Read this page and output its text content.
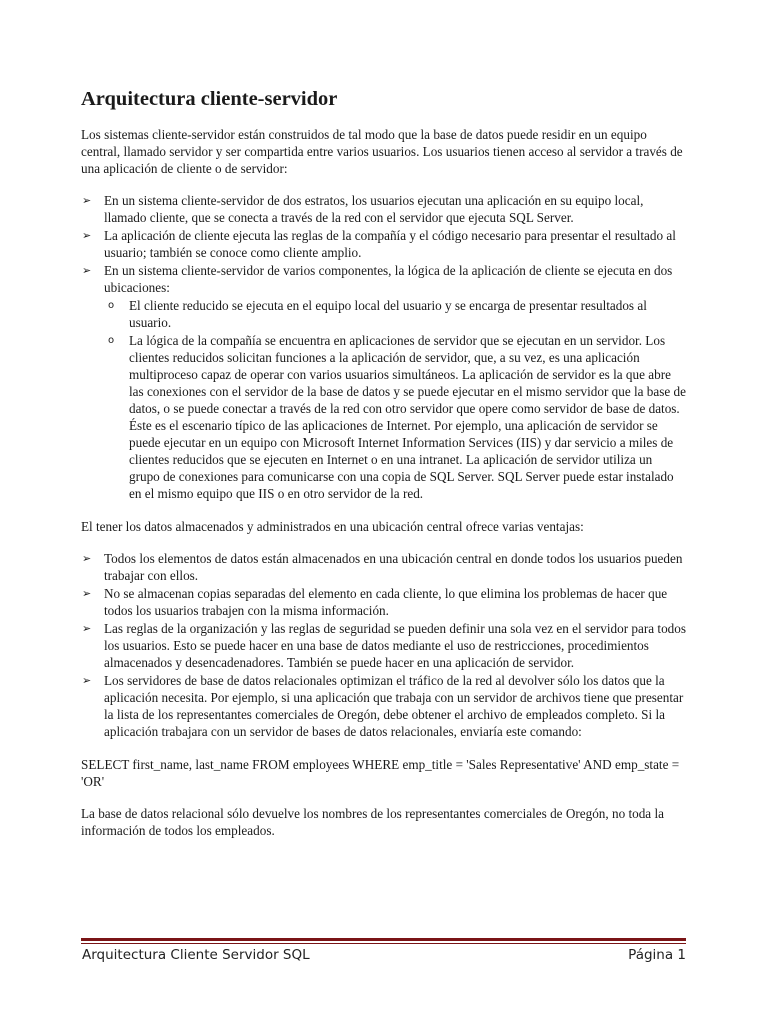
Arquitectura cliente-servidor

Los sistemas cliente-servidor están construidos de tal modo que la base de datos puede residir en un equipo central, llamado servidor y ser compartida entre varios usuarios. Los usuarios tienen acceso al servidor a través de una aplicación de cliente o de servidor:

➢ En un sistema cliente-servidor de dos estratos, los usuarios ejecutan una aplicación en su equipo local, llamado cliente, que se conecta a través de la red con el servidor que ejecuta SQL Server.
➢ La aplicación de cliente ejecuta las reglas de la compañía y el código necesario para presentar el resultado al usuario; también se conoce como cliente amplio.
➢ En un sistema cliente-servidor de varios componentes, la lógica de la aplicación de cliente se ejecuta en dos ubicaciones:
o El cliente reducido se ejecuta en el equipo local del usuario y se encarga de presentar resultados al usuario.
o La lógica de la compañía se encuentra en aplicaciones de servidor que se ejecutan en un servidor. Los clientes reducidos solicitan funciones a la aplicación de servidor, que, a su vez, es una aplicación multiproceso capaz de operar con varios usuarios simultáneos. La aplicación de servidor es la que abre las conexiones con el servidor de la base de datos y se puede ejecutar en el mismo servidor que la base de datos, o se puede conectar a través de la red con otro servidor que opere como servidor de base de datos. Éste es el escenario típico de las aplicaciones de Internet. Por ejemplo, una aplicación de servidor se puede ejecutar en un equipo con Microsoft Internet Information Services (IIS) y dar servicio a miles de clientes reducidos que se ejecuten en Internet o en una intranet. La aplicación de servidor utiliza un grupo de conexiones para comunicarse con una copia de SQL Server. SQL Server puede estar instalado en el mismo equipo que IIS o en otro servidor de la red.

El tener los datos almacenados y administrados en una ubicación central ofrece varias ventajas:

➢ Todos los elementos de datos están almacenados en una ubicación central en donde todos los usuarios pueden trabajar con ellos.
➢ No se almacenan copias separadas del elemento en cada cliente, lo que elimina los problemas de hacer que todos los usuarios trabajen con la misma información.
➢ Las reglas de la organización y las reglas de seguridad se pueden definir una sola vez en el servidor para todos los usuarios. Esto se puede hacer en una base de datos mediante el uso de restricciones, procedimientos almacenados y desencadenadores. También se puede hacer en una aplicación de servidor.
➢ Los servidores de base de datos relacionales optimizan el tráfico de la red al devolver sólo los datos que la aplicación necesita. Por ejemplo, si una aplicación que trabaja con un servidor de archivos tiene que presentar la lista de los representantes comerciales de Oregón, debe obtener el archivo de empleados completo. Si la aplicación trabajara con un servidor de bases de datos relacionales, enviaría este comando:

SELECT first_name, last_name FROM employees WHERE emp_title = 'Sales Representative' AND emp_state = 'OR'

La base de datos relacional sólo devuelve los nombres de los representantes comerciales de Oregón, no toda la información de todos los empleados.

Arquitectura Cliente Servidor SQL	Página 1
